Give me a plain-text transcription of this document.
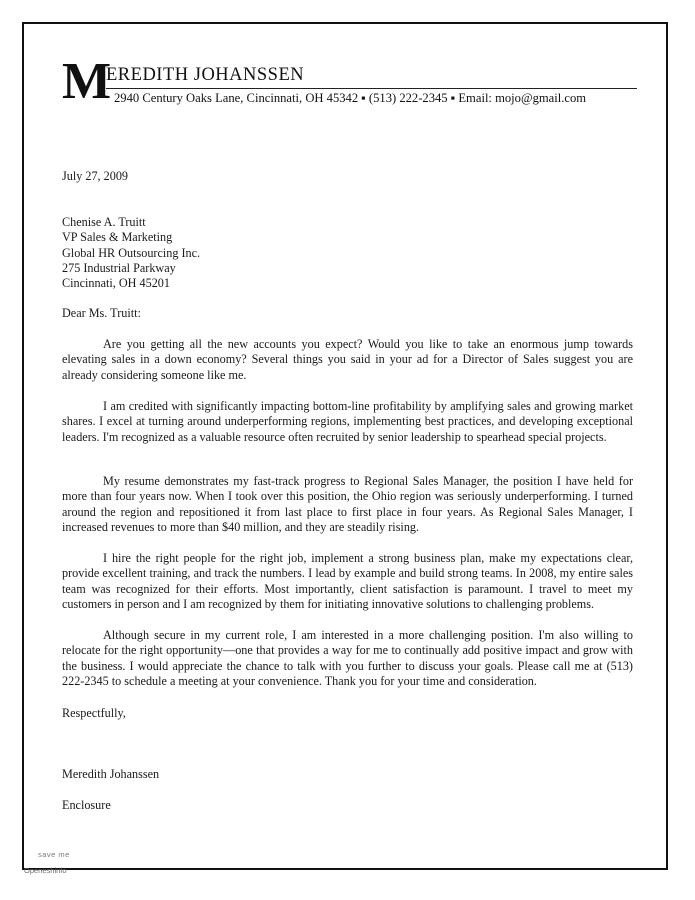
M
EREDITH JOHANSSEN
2940 Century Oaks Lane, Cincinnati, OH 45342 ▪ (513) 222-2345 ▪ Email: mojo@gmail.com
July 27, 2009
Chenise A. Truitt
VP Sales & Marketing
Global HR Outsourcing Inc.
275 Industrial Parkway
Cincinnati, OH 45201
Dear Ms. Truitt:

Are you getting all the new accounts you expect? Would you like to take an enormous jump towards elevating sales in a down economy? Several things you said in your ad for a Director of Sales suggest you are already considering someone like me.

I am credited with significantly impacting bottom-line profitability by amplifying sales and growing market shares. I excel at turning around underperforming regions, implementing best practices, and developing exceptional leaders. I'm recognized as a valuable resource often recruited by senior leadership to spearhead special projects.

My resume demonstrates my fast-track progress to Regional Sales Manager, the position I have held for more than four years now. When I took over this position, the Ohio region was seriously underperforming. I turned around the region and repositioned it from last place to first place in four years. As Regional Sales Manager, I increased revenues to more than $40 million, and they are steadily rising.

I hire the right people for the right job, implement a strong business plan, make my expectations clear, provide excellent training, and track the numbers. I lead by example and build strong teams. In 2008, my entire sales team was recognized for their efforts. Most importantly, client satisfaction is paramount. I travel to meet my customers in person and I am recognized by them for initiating innovative solutions to challenging problems.

Although secure in my current role, I am interested in a more challenging position. I'm also willing to relocate for the right opportunity—one that provides a way for me to continually add positive impact and grow with the business. I would appreciate the chance to talk with you further to discuss your goals. Please call me at (513) 222-2345 to schedule a meeting at your convenience. Thank you for your time and consideration.

Respectfully,
Meredith Johanssen
Enclosure
save me
Openeshinfo
